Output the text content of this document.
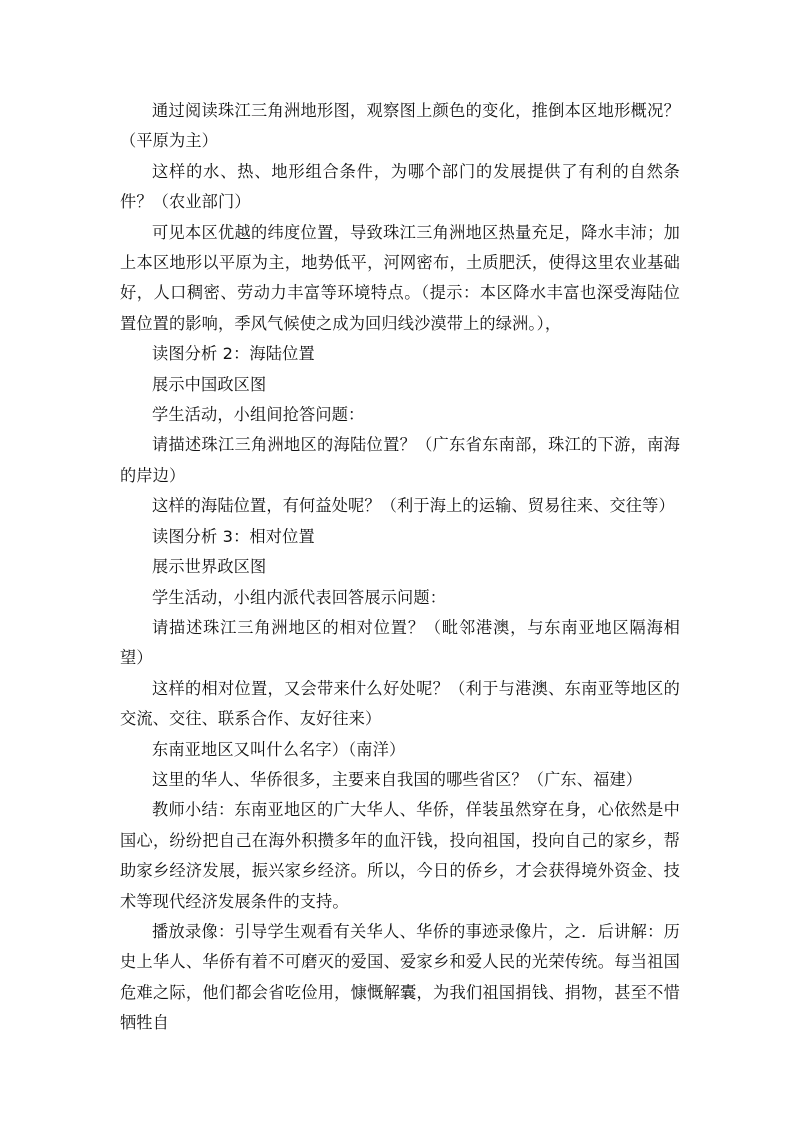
通过阅读珠江三角洲地形图，观察图上颜色的变化，推倒本区地形概况？（平原为主）

这样的水、热、地形组合条件，为哪个部门的发展提供了有利的自然条件？（农业部门）

可见本区优越的纬度位置，导致珠江三角洲地区热量充足，降水丰沛；加上本区地形以平原为主，地势低平，河网密布，土质肥沃，使得这里农业基础好，人口稠密、劳动力丰富等环境特点。（提示：本区降水丰富也深受海陆位置位置的影响，季风气候使之成为回归线沙漠带上的绿洲。），

读图分析 2：海陆位置

展示中国政区图

学生活动，小组间抢答问题：

请描述珠江三角洲地区的海陆位置？（广东省东南部，珠江的下游，南海的岸边）

这样的海陆位置，有何益处呢？（利于海上的运输、贸易往来、交往等）

读图分析 3：相对位置

展示世界政区图

学生活动，小组内派代表回答展示问题：

请描述珠江三角洲地区的相对位置？（毗邻港澳，与东南亚地区隔海相望）

这样的相对位置，又会带来什么好处呢？（利于与港澳、东南亚等地区的交流、交往、联系合作、友好往来）

东南亚地区又叫什么名字）（南洋）

这里的华人、华侨很多，主要来自我国的哪些省区？（广东、福建）

教师小结：东南亚地区的广大华人、华侨，佯装虽然穿在身，心依然是中国心，纷纷把自己在海外积攒多年的血汗钱，投向祖国，投向自己的家乡，帮助家乡经济发展，振兴家乡经济。所以，今日的侨乡，才会获得境外资金、技术等现代经济发展条件的支持。

播放录像：引导学生观看有关华人、华侨的事迹录像片，之．后讲解：历史上华人、华侨有着不可磨灭的爱国、爱家乡和爱人民的光荣传统。每当祖国危难之际，他们都会省吃俭用，慷慨解囊，为我们祖国捐钱、捐物，甚至不惜牺牲自
